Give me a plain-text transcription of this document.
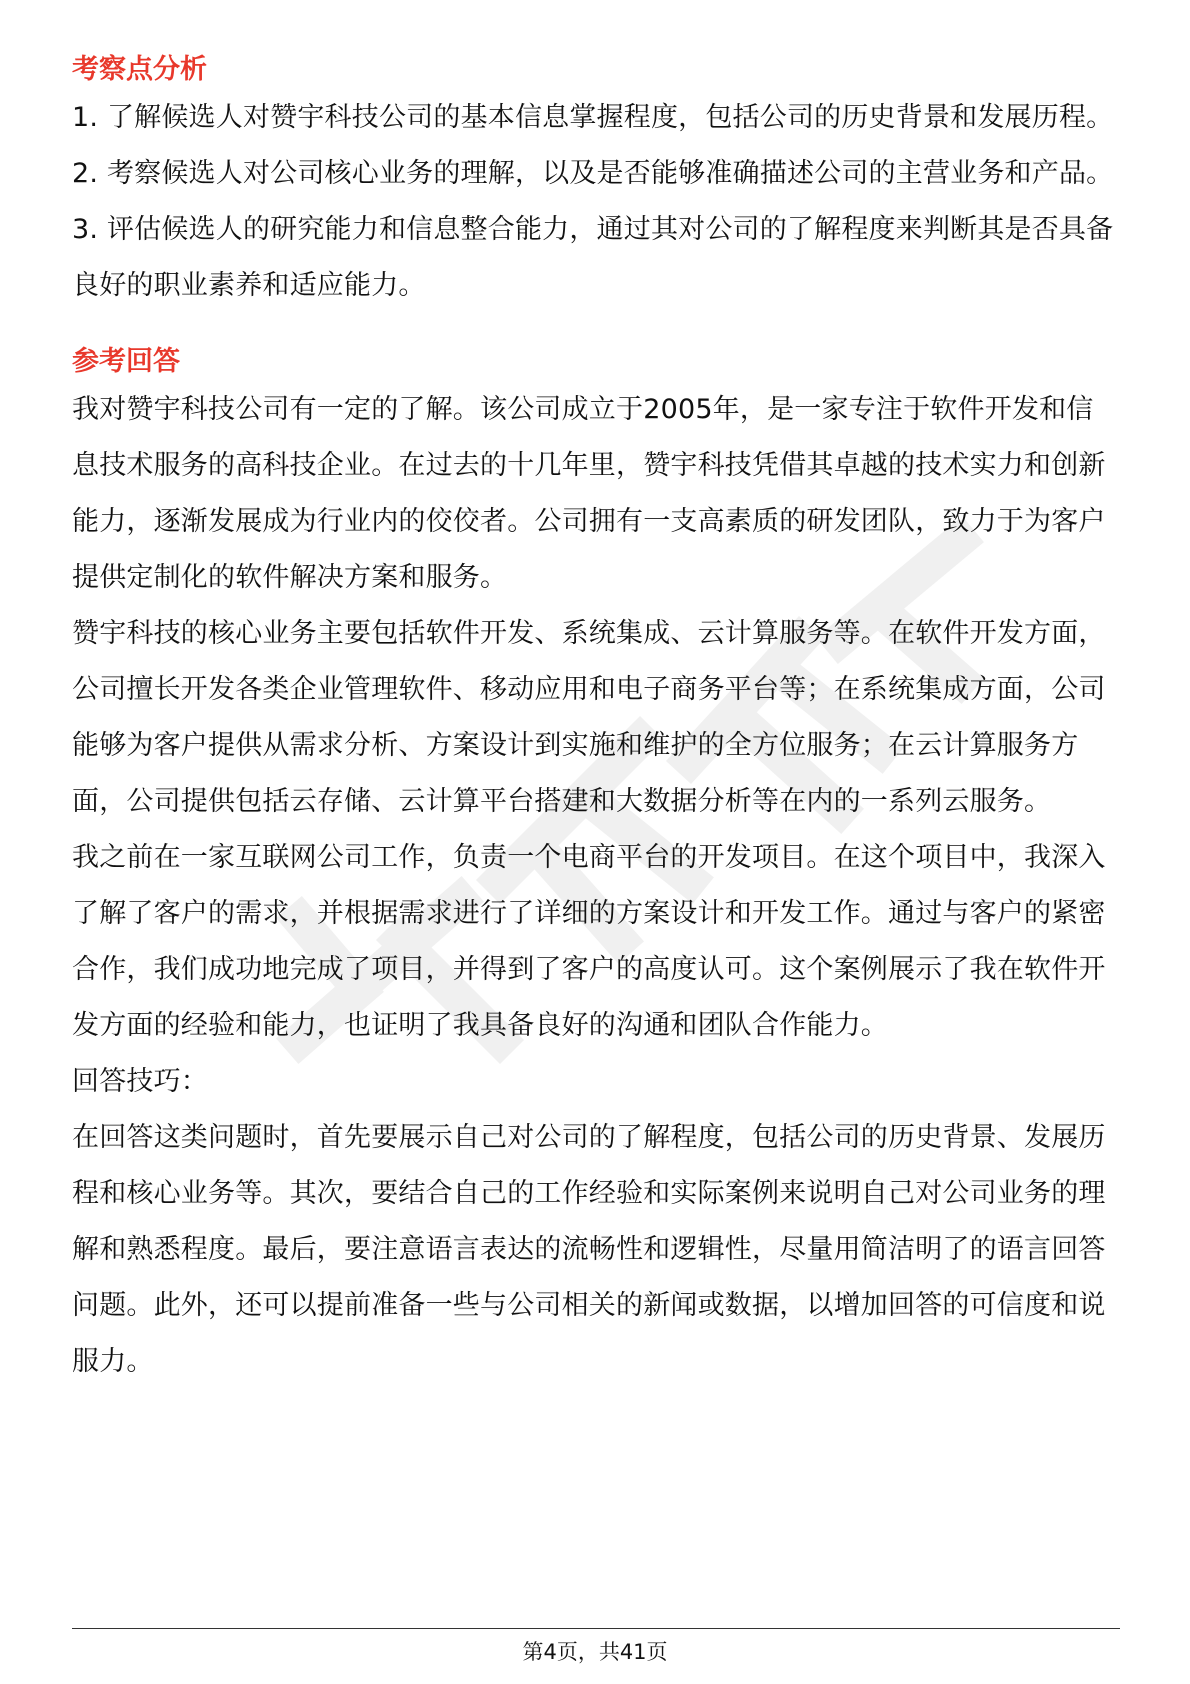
考察点分析

1. 了解候选人对赞宇科技公司的基本信息掌握程度，包括公司的历史背景和发展历程。

2. 考察候选人对公司核心业务的理解，以及是否能够准确描述公司的主营业务和产品。

3. 评估候选人的研究能力和信息整合能力，通过其对公司的了解程度来判断其是否具备良好的职业素养和适应能力。

参考回答

我对赞宇科技公司有一定的了解。该公司成立于2005年，是一家专注于软件开发和信息技术服务的高科技企业。在过去的十几年里，赞宇科技凭借其卓越的技术实力和创新能力，逐渐发展成为行业内的佼佼者。公司拥有一支高素质的研发团队，致力于为客户提供定制化的软件解决方案和服务。

赞宇科技的核心业务主要包括软件开发、系统集成、云计算服务等。在软件开发方面，公司擅长开发各类企业管理软件、移动应用和电子商务平台等；在系统集成方面，公司能够为客户提供从需求分析、方案设计到实施和维护的全方位服务；在云计算服务方面，公司提供包括云存储、云计算平台搭建和大数据分析等在内的一系列云服务。

我之前在一家互联网公司工作，负责一个电商平台的开发项目。在这个项目中，我深入了解了客户的需求，并根据需求进行了详细的方案设计和开发工作。通过与客户的紧密合作，我们成功地完成了项目，并得到了客户的高度认可。这个案例展示了我在软件开发方面的经验和能力，也证明了我具备良好的沟通和团队合作能力。

回答技巧：

在回答这类问题时，首先要展示自己对公司的了解程度，包括公司的历史背景、发展历程和核心业务等。其次，要结合自己的工作经验和实际案例来说明自己对公司业务的理解和熟悉程度。最后，要注意语言表达的流畅性和逻辑性，尽量用简洁明了的语言回答问题。此外，还可以提前准备一些与公司相关的新闻或数据，以增加回答的可信度和说服力。

第4页，共41页
